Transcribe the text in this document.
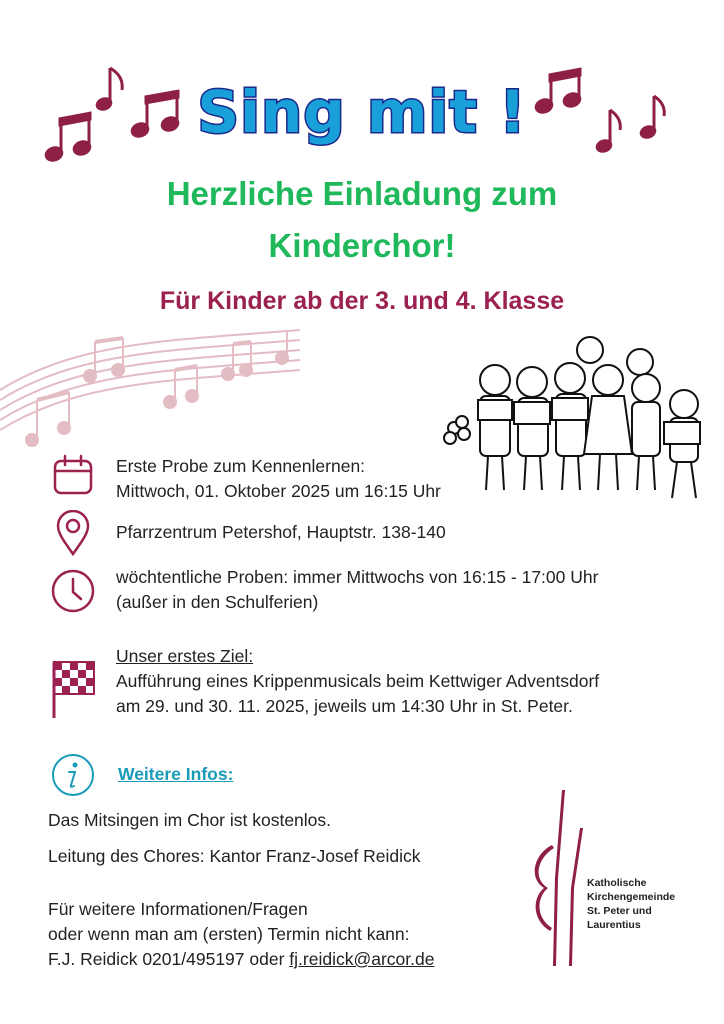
Sing mit !
Herzliche Einladung zum
Kinderchor!
Für Kinder ab der 3. und 4. Klasse
Erste Probe zum Kennenlernen:
Mittwoch, 01. Oktober 2025 um 16:15 Uhr
Pfarrzentrum Petershof, Hauptstr. 138-140
wöchtentliche Proben: immer Mittwochs von 16:15 - 17:00 Uhr
(außer in den Schulferien)
Unser erstes Ziel:
Aufführung eines Krippenmusicals beim Kettwiger Adventsdorf
am 29. und 30. 11. 2025, jeweils um 14:30 Uhr in St. Peter.
Weitere Infos:
Das Mitsingen im Chor ist kostenlos.
Leitung des Chores: Kantor Franz-Josef Reidick
Für weitere Informationen/Fragen
oder wenn man am (ersten) Termin nicht kann:
F.J. Reidick 0201/495197 oder fj.reidick@arcor.de
Katholische
Kirchengemeinde
St. Peter und
Laurentius
